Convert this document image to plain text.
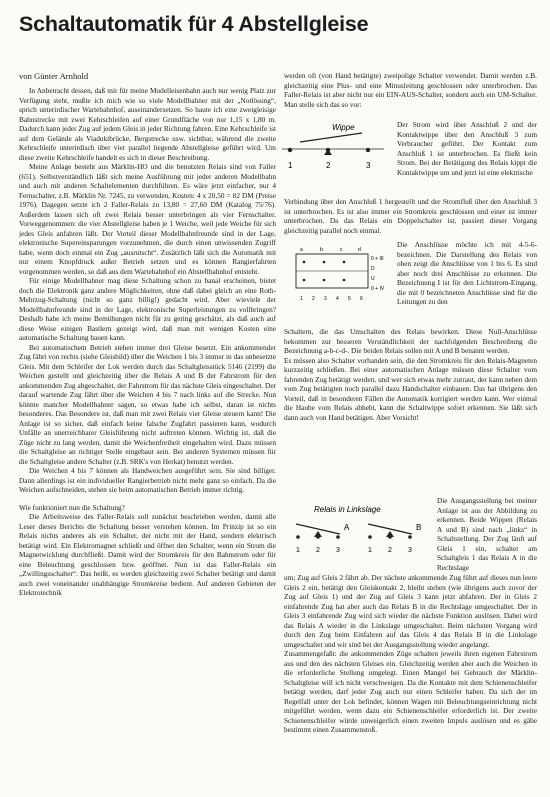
Schaltautomatik für 4 Abstellgleise
von Günter Arnhold

In Anbetracht dessen, daß mir für meine Modelleisenbahn auch nur wenig Platz zur Verfügung steht, mußte ich mich wie so viele Modellbahner mit der „Notlösung“, sprich unterirdischer Wartebahnhof, auseinandersetzen. So baute ich eine zweigleisige Bahnstrecke mit zwei Kehrschleifen auf einer Grundfläche von nur 1,15 x 1,80 m. Dadurch kann jeder Zug auf jedem Gleis in jeder Richtung fahren. Eine Kehrschleife ist auf dem Gelände als Viaduktbrücke, Bergstrecke usw. sichtbar, während die zweite Kehrschleife unterirdisch über vier parallel liegende Abstellgleise geführt wird. Um diese zweite Kehrschleife handelt es sich in dieser Beschreibung.

Meine Anlage besteht aus Märklin-HO und die benutzten Relais sind von Faller (651). Selbstverständlich läßt sich meine Ausführung mit jeder anderen Modellbahn und auch mit anderen Schaltelementen durchführen. Es wäre jetzt einfacher, nur 4 Fernschalter, z.B. Märklin Nr. 7245, zu verwenden, Kosten: 4 x 20,50 = 82 DM (Preise 1976). Dagegen setzte ich 2 Faller-Relais zu 13,80 = 27,60 DM (Katalog 75/76). Außerdem lassen sich oft zwei Relais besser unterbringen als vier Fernschalter. Vorweggenommen: die vier Abstellgleise haben je 1 Weiche, weil jede Weiche für sich jedes Gleis anfahren läßt. Der Vorteil dieser Modellbahnfreunde sind in der Lage, elektronische Supereinsparungen vorzunehmen, die durch einen unwissenden Zugriff habe, wenn doch einmal ein Zug „ausrutscht“. Zusätzlich läßt sich die Automatik mit nur einem Knopfdruck außer Betrieb setzen und es können Rangierfahrten vorgenommen werden, so daß aus dem Wartebahnhof ein Abstellbahnhof entsteht.

Für einige Modellbahner mag diese Schaltung schon zu banal erscheinen, bietet doch die Elektronik ganz andere Möglichkeiten, ohne daß dabei gleich an eine Roth-Mehrzug-Schaltung (nicht so ganz billig!) gedacht wird. Aber wieviele der Modellbahnfreunde sind in der Lage, elektronische Superleistungen zu vollbringen? Deshalb habe ich meine Bemühungen nicht für zu gering geschätzt, als daß auch auf diese Weise einigen Bastlern gezeigt wird, daß man mit wenigen Kosten eine automatische Schaltung bauen kann.

Bei automatischem Betrieb stehen immer drei Gleise besetzt. Ein ankommender Zug fährt von rechts (siehe Gleisbild) über die Weichen 1 bis 3 immer in das unbesetzte Gleis. Mit dem Schleifer der Lok werden durch das Schaltgleisstück 5146 (2199) die Weichen gestellt und gleichzeitig über die Relais A und B der Fahrstrom für den ankommenden Zug abgeschaltet, der Fahrstrom für das nächste Gleis eingeschaltet. Der darauf wartende Zug fährt über die Weichen 4 bis 7 nach links auf die Strecke. Nun könnte mancher Modellbahner sagen, so etwas habe ich selbst, daran ist nichts besonderes. Das Besondere ist, daß man mit zwei Relais vier Gleise steuern kann! Die Anlage ist so sicher, daß einfach keine falsche Zugfahrt passieren kann, wodurch Unfälle an unerreichbarer Gleisführung nicht auftreten können. Wichtig ist, daß die Züge nicht zu lang werden, damit die Weichenfreiheit eingehalten wird. Dazu müssen die Schaltgleise an richtiger Stelle eingebaut sein. Bei anderen Systemen müssen für die Schaltgleise andere Schalter (z.B. SRK's von Herkat) benutzt werden.

Die Weichen 4 bis 7 können als Handweichen ausgeführt sein. Sie sind billiger. Dann allerdings ist ein individueller Rangierbetrieb nicht mehr ganz so einfach. Da die Weichen aufschneiden, stehen sie beim automatischen Betrieb immer richtig.

Wie funktioniert nun die Schaltung?

Die Arbeitsweise des Faller-Relais soll zunächst beschrieben werden, damit alle Leser dieses Berichts die Schaltung besser verstehen können. Im Prinzip ist so ein Relais nichts anderes als ein Schalter, der nicht mit der Hand, sondern elektrisch betätigt wird. Ein Elektromagnet schließt und öffnet den Schalter, wenn ein Strom die Magnetwicklung durchfließt. Damit wird der Stromkreis für den Bahnstrom oder für eine Beleuchtung geschlossen bzw. geöffnet. Nun ist das Faller-Relais ein „Zwillingsschalter“. Das heißt, es werden gleichzeitig zwei Schalter betätigt und damit auch zwei voneinander unabhängige Stromkreise bedient. Auf anderen Gebieten der Elektrotechnik

werden oft (von Hand betätigte) zweipolige Schalter verwendet. Damit werden z.B. gleichzeitig eine Plus- und eine Minusleitung geschlossen oder unterbrochen. Das Faller-Relais ist aber nicht nur ein EIN-AUS-Schalter, sondern auch ein UM-Schalter. Man stelle sich das so vor:
Wippe
1	2	3
Der Strom wird über Anschluß 2 und der Kontaktwippe über den Anschluß 3 zum Verbraucher geführt. Der Kontakt zum Anschluß 1 ist unterbrochen. Es fließt kein Strom. Bei der Betätigung des Relais kippt die Kontaktwippe um und jetzt ist eine elektrische
Verbindung über den Anschluß 1 hergestellt und der Stromfluß über den Anschluß 3 ist unterbrochen. Es ist also immer ein Stromkreis geschlossen und einer ist immer unterbrochen. Da das Relais ein Doppelschalter ist, passiert dieser Vorgang gleichzeitig parallel noch einmal.
a	b	c	d
0 + III
D
U
0 + IV
1 2 3 4 5 6
Die Anschlüsse möchte ich mit 4-5-6- bezeichnen. Die Darstellung des Relais von oben zeigt die Anschlüsse von 1 bis 6. Es sind aber noch drei Anschlüsse zu erkennen. Die Bezeichnung I ist für den Lichtstrom-Eingang, die mit 0 bezeichneten Anschlüsse sind für die Leitungen zu den
Schaltern, die das Umschalten des Relais bewirken. Diese Null-Anschlüsse bekommen zur besseren Verständlichkeit der nachfolgenden Beschreibung die Bezeichnung a-b-c-d-. Die beiden Relais sollen mit A und B benannt werden.
Es müssen also Schalter vorhanden sein, die den Stromkreis für den Relais-Magneten kurzzeitig schließen. Bei einer automatischen Anlage müssen diese Schalter vom fahrenden Zug betätigt werden, und wer sich etwas mehr zutraut, der kann neben dem vom Zug betätigten noch parallel dazu Handschalter einbauen. Das hat übrigens den Vorteil, daß in besonderen Fällen die Automatik korrigiert werden kann. Wer einmal die Haube vom Relais abhebt, kann die Schaltwippe sofort erkennen. Sie läßt sich dann auch von Hand betätigen. Aber Vorsicht!
Relais in Linkslage
A	B
1 2 3	1 2 3
Die Ausgangsstellung bei meiner Anlage ist aus der Abbildung zu erkennen. Beide Wippen (Relais A und B) sind nach „links“ in Schaltstellung. Der Zug läuft auf Gleis 1 ein, schaltet am Schaltgleis 1 das Relais A in die Rechtslage
um; Zug auf Gleis 2 fährt ab. Der nächste ankommende Zug führt auf dieses nun leere Gleis 2 ein, betätigt den Gleiskontakt 2, bleibt stehen (wie übrigens auch zuvor der Zug auf Gleis 1) und der Zug auf Gleis 3 kann jetzt abfahren. Der in Gleis 2 einfahrende Zug hat aber auch das Relais B in die Rechtslage umgeschaltet. Der in Gleis 3 einfahrende Zug wird sich wieder die nächste Funktion auslösen. Dabei wird das Relais A wieder in die Linkslage umgeschaltet. Beim nächsten Vorgang wird durch den Zug beim Einfahren auf das Gleis 4 das Relais B in die Linkslage umgeschaltet und wir sind bei der Ausgangsstellung wieder angelangt.
Zusammengefaßt: die ankommenden Züge schalten jeweils ihren eigenen Fahrstrom aus und den des nächsten Gleises ein. Gleichzeitig werden aber auch die Weichen in die erforderliche Stellung umgelegt. Einen Mangel bei Gebrauch der Märklin-Schaltgleise will ich nicht verschweigen. Da die Kontakte mit dem Schienenschleifer betätigt werden, darf jeder Zug auch nur einen Schleifer haben. Da sich der im Regelfall unter der Lok befindet, können Wagen mit Beleuchtungseinrichtung nicht mitgeführt werden, wenn dazu ein Schienenschleifer erforderlich ist. Der zweite Schienenschleifer würde unweigerlich einen zweiten Impuls auslösen und es gäbe bestimmt einen Zusammenstoß.
